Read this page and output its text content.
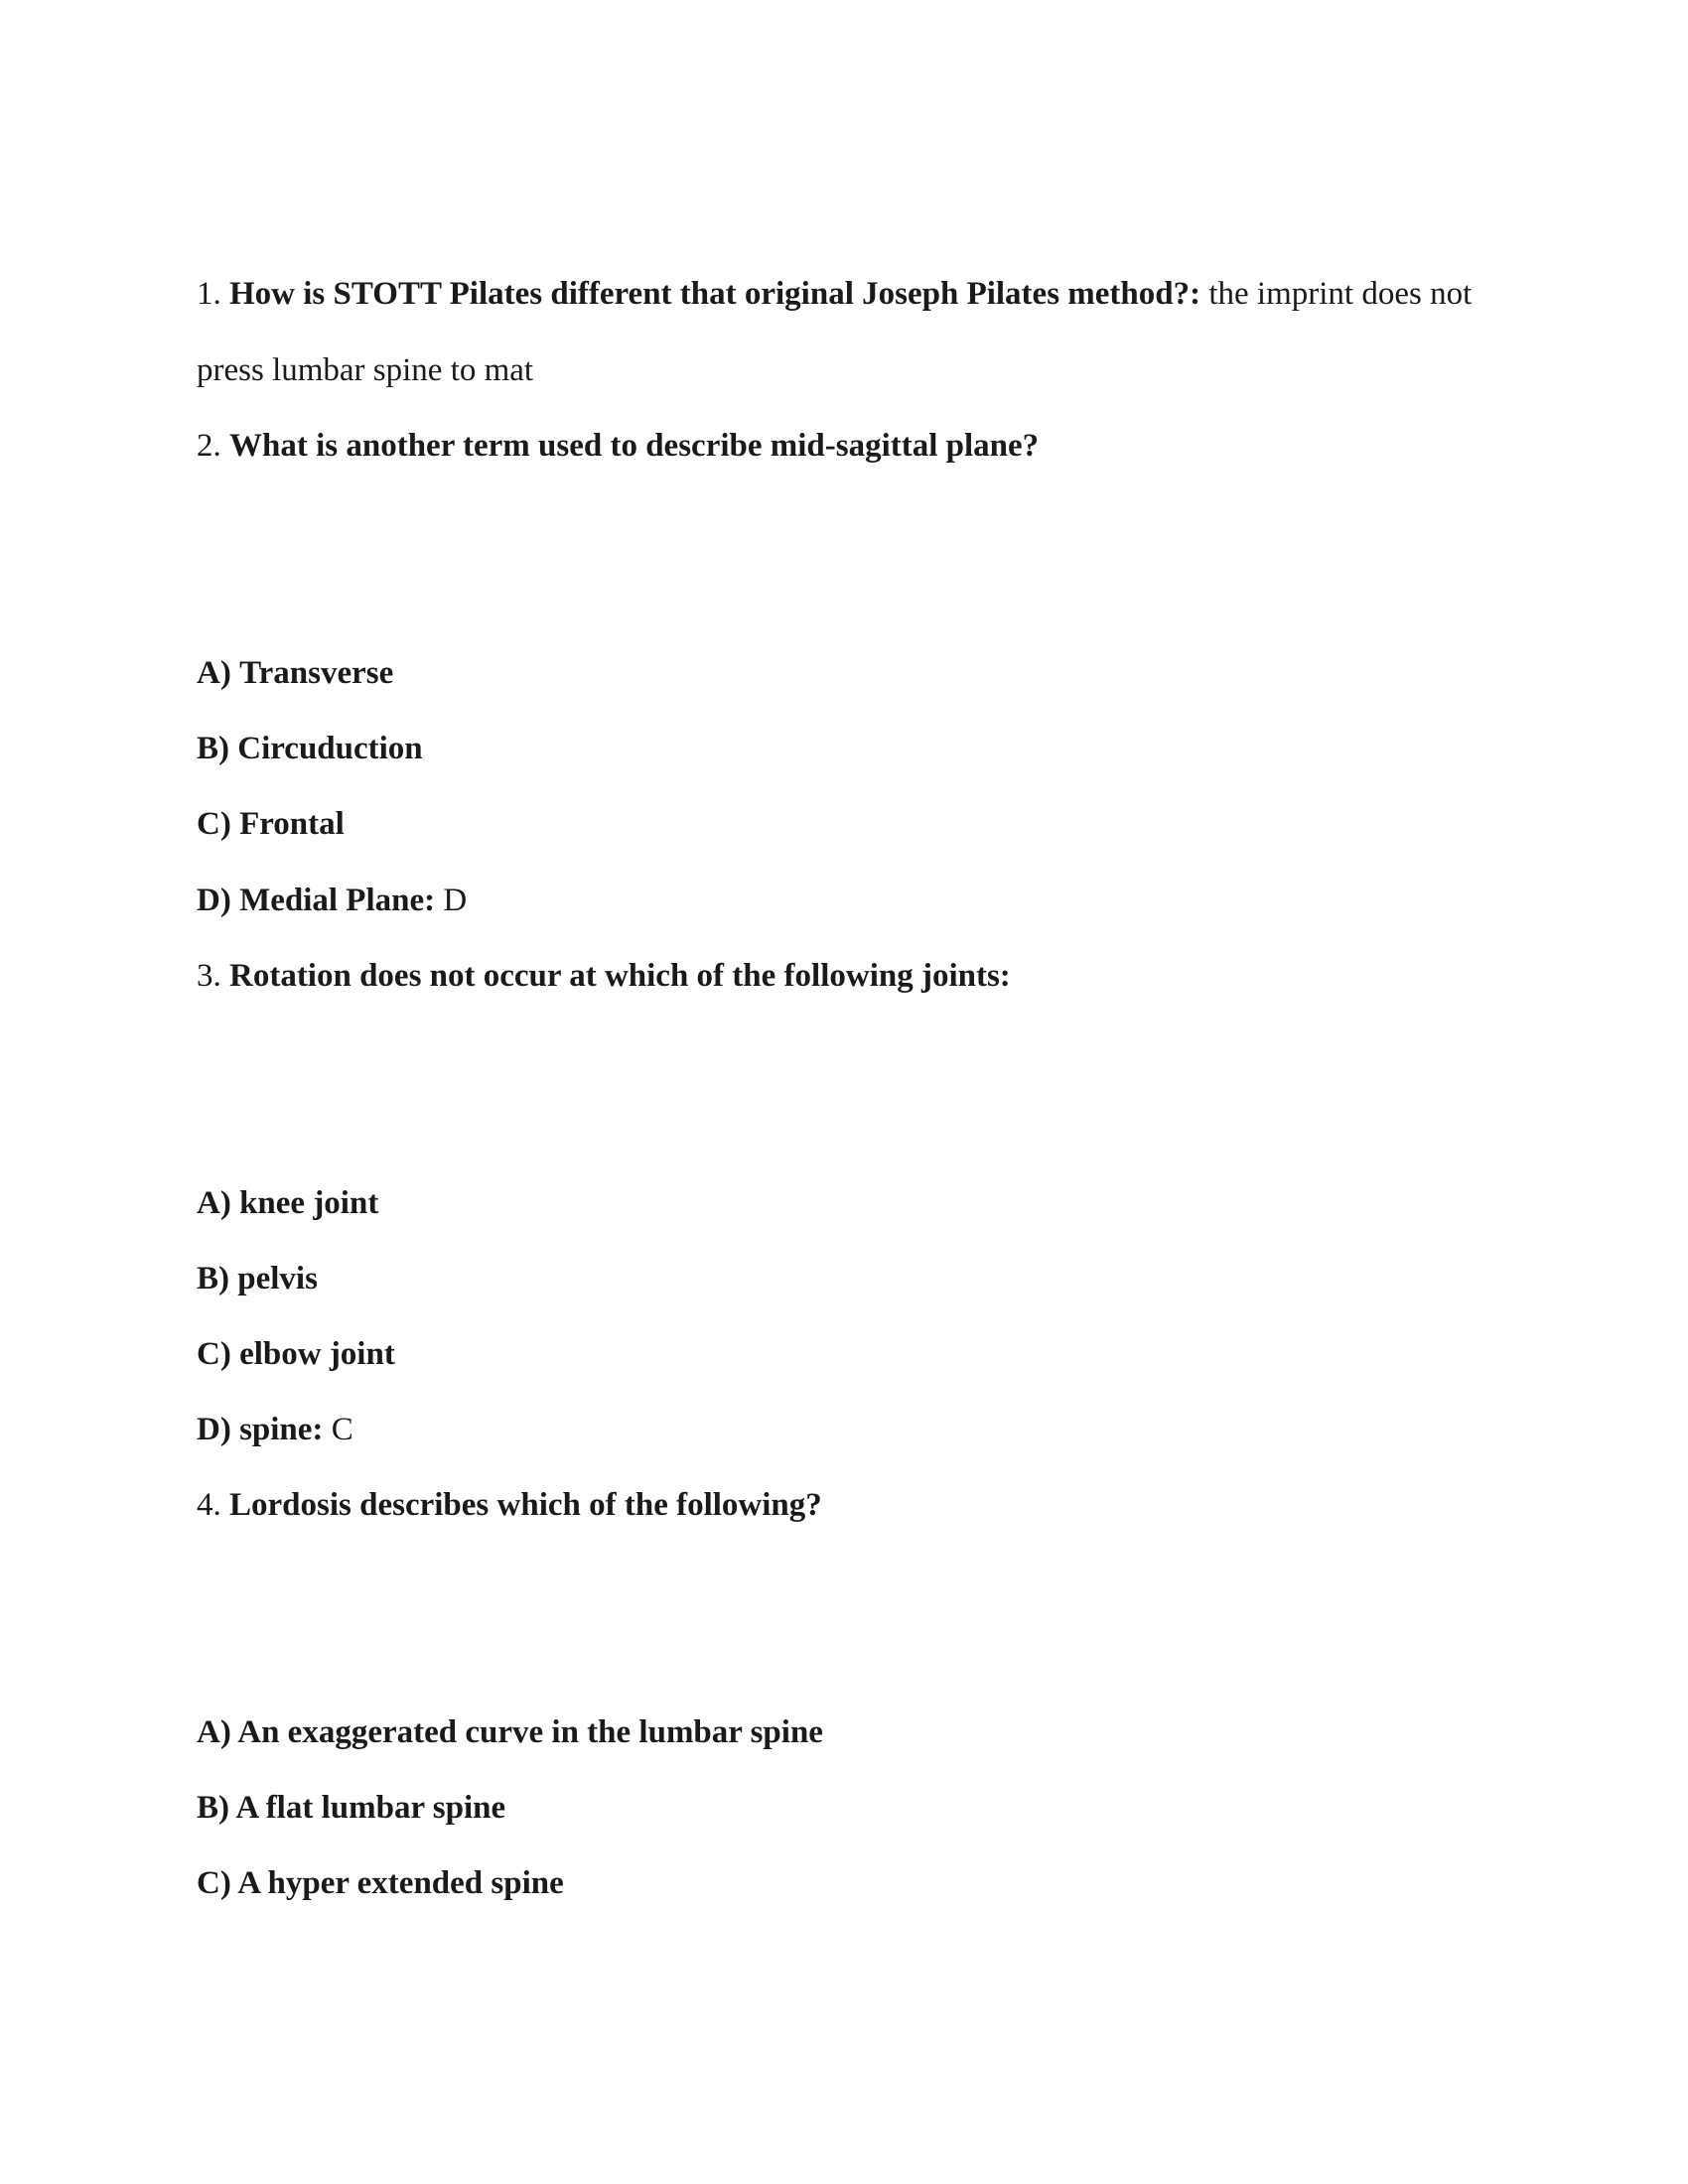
1. How is STOTT Pilates different that original Joseph Pilates method?: the imprint does not
press lumbar spine to mat
2. What is another term used to describe mid-sagittal plane?
A) Transverse
B) Circuduction
C) Frontal
D) Medial Plane: D
3. Rotation does not occur at which of the following joints:
A) knee joint
B) pelvis
C) elbow joint
D) spine: C
4. Lordosis describes which of the following?
A) An exaggerated curve in the lumbar spine
B) A flat lumbar spine
C) A hyper extended spine
